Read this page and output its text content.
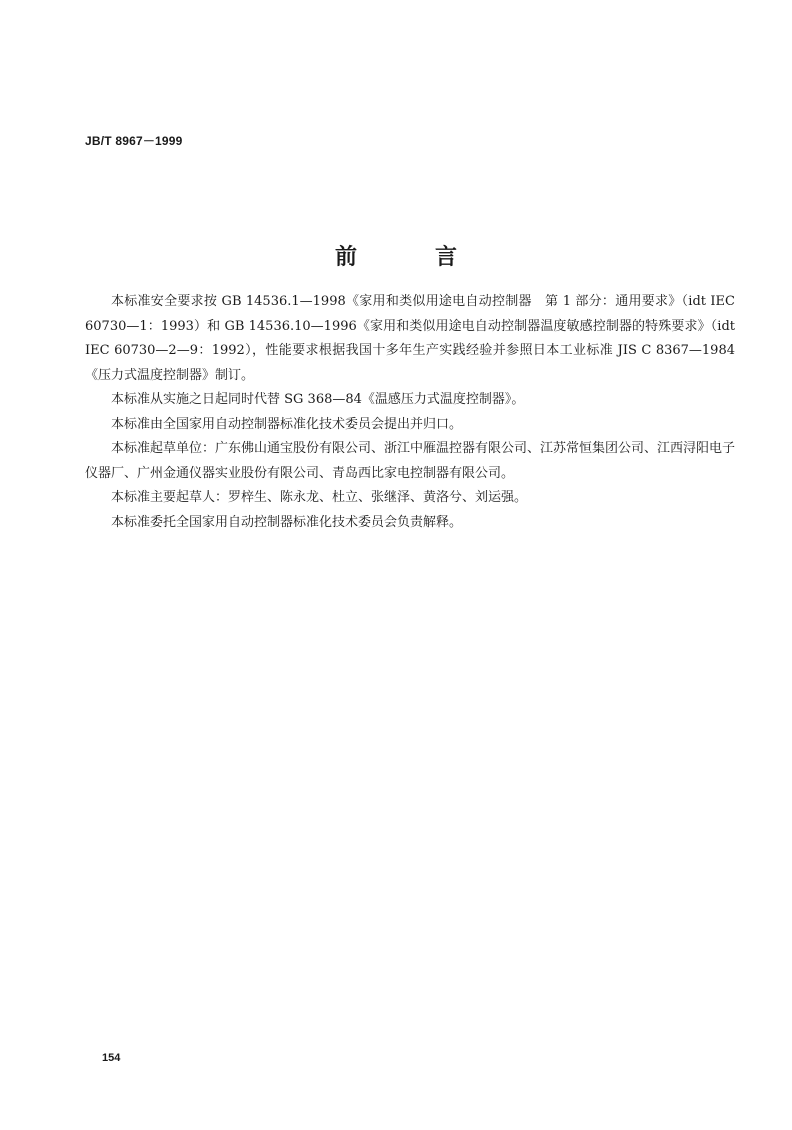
JB/T 8967－1999
前　言

本标准安全要求按 GB 14536.1—1998《家用和类似用途电自动控制器　第 1 部分：通用要求》（idt IEC 60730—1：1993）和 GB 14536.10—1996《家用和类似用途电自动控制器温度敏感控制器的特殊要求》（idt IEC 60730—2—9：1992），性能要求根据我国十多年生产实践经验并参照日本工业标准 JIS C 8367—1984《压力式温度控制器》制订。

本标准从实施之日起同时代替 SG 368—84《温感压力式温度控制器》。

本标准由全国家用自动控制器标准化技术委员会提出并归口。

本标准起草单位：广东佛山通宝股份有限公司、浙江中雁温控器有限公司、江苏常恒集团公司、江西浔阳电子仪器厂、广州金通仪器实业股份有限公司、青岛西比家电控制器有限公司。

本标准主要起草人：罗梓生、陈永龙、杜立、张继泽、黄洛兮、刘运强。

本标准委托全国家用自动控制器标准化技术委员会负责解释。

154
